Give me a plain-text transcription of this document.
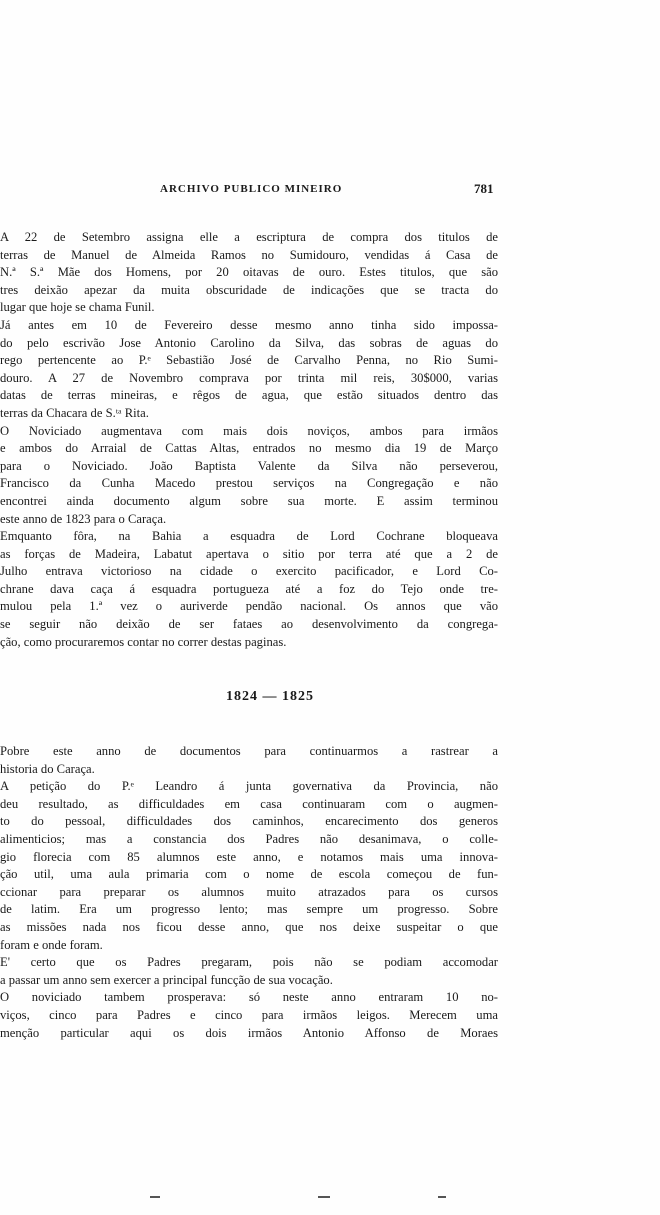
ARCHIVO PUBLICO MINEIRO	781
A 22 de Setembro assigna elle a escriptura de compra dos titulos de
terras de Manuel de Almeida Ramos no Sumidouro, vendidas á Casa de
N.ª S.ª Mãe dos Homens, por 20 oitavas de ouro. Estes titulos, que são
tres deixão apezar da muita obscuridade de indicações que se tracta do
lugar que hoje se chama Funil.
Já antes em 10 de Fevereiro desse mesmo anno tinha sido impossa-
do pelo escrivão Jose Antonio Carolino da Silva, das sobras de aguas do
rego pertencente ao P.ᵉ Sebastião José de Carvalho Penna, no Rio Sumi-
douro. A 27 de Novembro comprava por trinta mil reis, 30$000, varias
datas de terras mineiras, e rêgos de agua, que estão situados dentro das
terras da Chacara de S.ᵗᵃ Rita.
O Noviciado augmentava com mais dois noviços, ambos para irmãos
e ambos do Arraial de Cattas Altas, entrados no mesmo dia 19 de Março
para o Noviciado. João Baptista Valente da Silva não perseverou,
Francisco da Cunha Macedo prestou serviços na Congregação e não
encontrei ainda documento algum sobre sua morte. E assim terminou
este anno de 1823 para o Caraça.
Emquanto fôra, na Bahia a esquadra de Lord Cochrane bloqueava
as forças de Madeira, Labatut apertava o sitio por terra até que a 2 de
Julho entrava victorioso na cidade o exercito pacificador, e Lord Co-
chrane dava caça á esquadra portugueza até a foz do Tejo onde tre-
mulou pela 1.ª vez o auriverde pendão nacional. Os annos que vão
se seguir não deixão de ser fataes ao desenvolvimento da congrega-
ção, como procuraremos contar no correr destas paginas.
1824 — 1825
Pobre este anno de documentos para continuarmos a rastrear a
historia do Caraça.
A petição do P.ᵉ Leandro á junta governativa da Provincia, não
deu resultado, as difficuldades em casa continuaram com o augmen-
to do pessoal, difficuldades dos caminhos, encarecimento dos generos
alimenticios; mas a constancia dos Padres não desanimava, o colle-
gio florecia com 85 alumnos este anno, e notamos mais uma innova-
ção util, uma aula primaria com o nome de escola começou de fun-
ccionar para preparar os alumnos muito atrazados para os cursos
de latim. Era um progresso lento; mas sempre um progresso. Sobre
as missões nada nos ficou desse anno, que nos deixe suspeitar o que
foram e onde foram.
E' certo que os Padres pregaram, pois não se podiam accomodar
a passar um anno sem exercer a principal funcção de sua vocação.
O noviciado tambem prosperava: só neste anno entraram 10 no-
viços, cinco para Padres e cinco para irmãos leigos. Merecem uma
menção particular aqui os dois irmãos Antonio Affonso de Moraes
